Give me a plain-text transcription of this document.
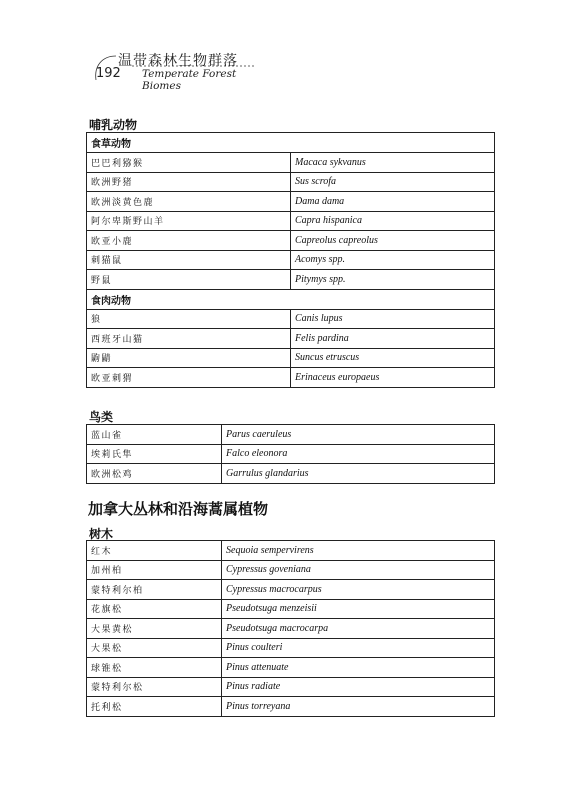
192
温带森林生物群落
Temperate Forest Biomes
哺乳动物
食草动物	
巴巴利猕猴	Macaca sykvanus
欧洲野猪	Sus scrofa
欧洲淡黄色鹿	Dama dama
阿尔卑斯野山羊	Capra hispanica
欧亚小鹿	Capreolus capreolus
刺猫鼠	Acomys spp.
野鼠	Pitymys spp.
食肉动物	
狼	Canis lupus
西班牙山猫	Felis pardina
鼩鼱	Suncus etruscus
欧亚刺猬	Erinaceus europaeus
鸟类
蓝山雀	Parus caeruleus
埃莉氏隼	Falco eleonora
欧洲松鸡	Garrulus glandarius
加拿大丛林和沿海蒿属植物
树木
红木	Sequoia sempervirens
加州柏	Cypressus goveniana
蒙特利尔柏	Cypressus macrocarpus
花旗松	Pseudotsuga menzeisii
大果黄松	Pseudotsuga macrocarpa
大果松	Pinus coulteri
球锥松	Pinus attenuate
蒙特利尔松	Pinus radiate
托利松	Pinus torreyana
